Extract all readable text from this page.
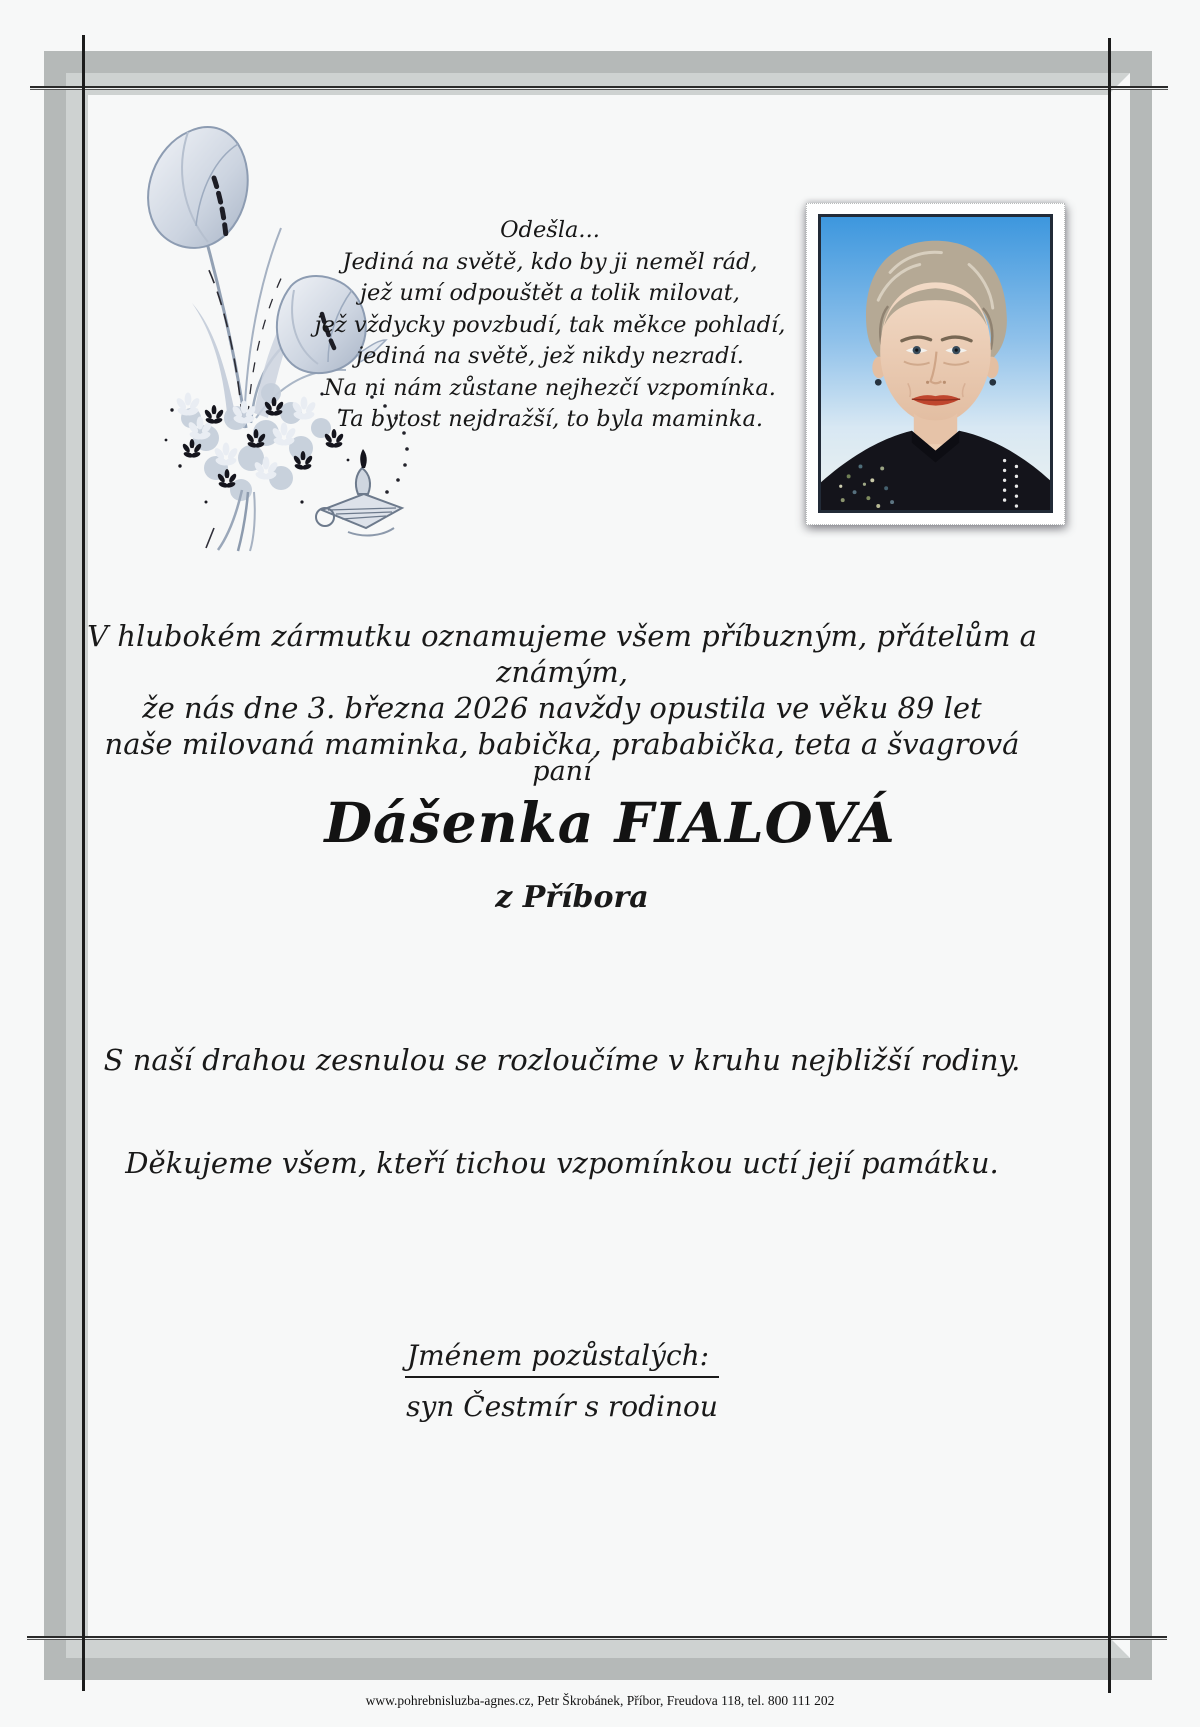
Odešla...
Jediná na světě, kdo by ji neměl rád,
jež umí odpouštět a tolik milovat,
jež vždycky povzbudí, tak měkce pohladí,
jediná na světě, jež nikdy nezradí.
Na ni nám zůstane nejhezčí vzpomínka.
Ta bytost nejdražší, to byla maminka.
V hlubokém zármutku oznamujeme všem příbuzným, přátelům a známým,
že nás dne 3. března 2026 navždy opustila ve věku 89 let
naše milovaná maminka, babička, prababička, teta a švagrová
paní
Dášenka FIALOVÁ
z Příbora
S naší drahou zesnulou se rozloučíme v kruhu nejbližší rodiny.
Děkujeme všem, kteří tichou vzpomínkou uctí její památku.
Jménem pozůstalých:
syn Čestmír s rodinou
www.pohrebnisluzba-agnes.cz, Petr Škrobánek, Příbor, Freudova 118, tel. 800 111 202
